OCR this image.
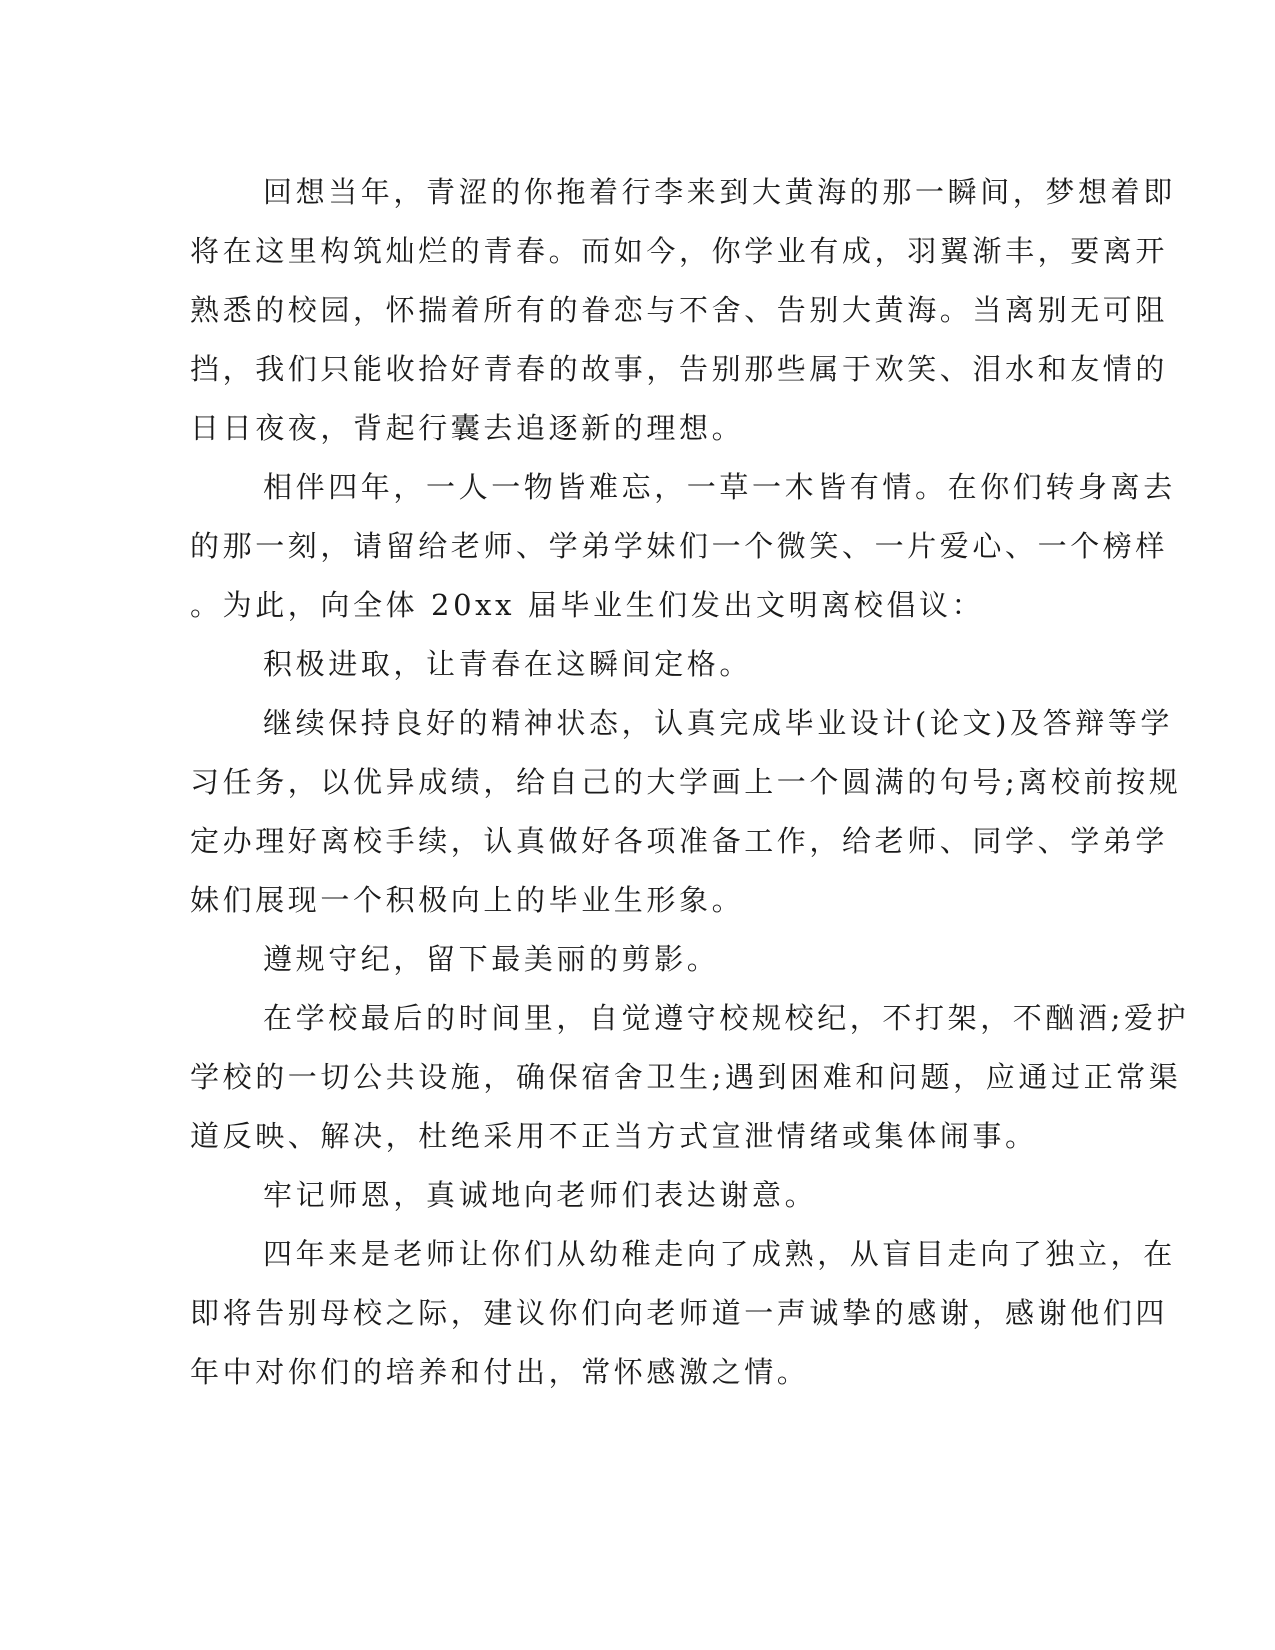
回想当年，青涩的你拖着行李来到大黄海的那一瞬间，梦想着即
将在这里构筑灿烂的青春。而如今，你学业有成，羽翼渐丰，要离开
熟悉的校园，怀揣着所有的眷恋与不舍、告别大黄海。当离别无可阻
挡，我们只能收拾好青春的故事，告别那些属于欢笑、泪水和友情的
日日夜夜，背起行囊去追逐新的理想。
相伴四年，一人一物皆难忘，一草一木皆有情。在你们转身离去
的那一刻，请留给老师、学弟学妹们一个微笑、一片爱心、一个榜样
。为此，向全体 20xx 届毕业生们发出文明离校倡议：
积极进取，让青春在这瞬间定格。
继续保持良好的精神状态，认真完成毕业设计(论文)及答辩等学
习任务，以优异成绩，给自己的大学画上一个圆满的句号;离校前按规
定办理好离校手续，认真做好各项准备工作，给老师、同学、学弟学
妹们展现一个积极向上的毕业生形象。
遵规守纪，留下最美丽的剪影。
在学校最后的时间里，自觉遵守校规校纪，不打架，不酗酒;爱护
学校的一切公共设施，确保宿舍卫生;遇到困难和问题，应通过正常渠
道反映、解决，杜绝采用不正当方式宣泄情绪或集体闹事。
牢记师恩，真诚地向老师们表达谢意。
四年来是老师让你们从幼稚走向了成熟，从盲目走向了独立，在
即将告别母校之际，建议你们向老师道一声诚挚的感谢，感谢他们四
年中对你们的培养和付出，常怀感激之情。
